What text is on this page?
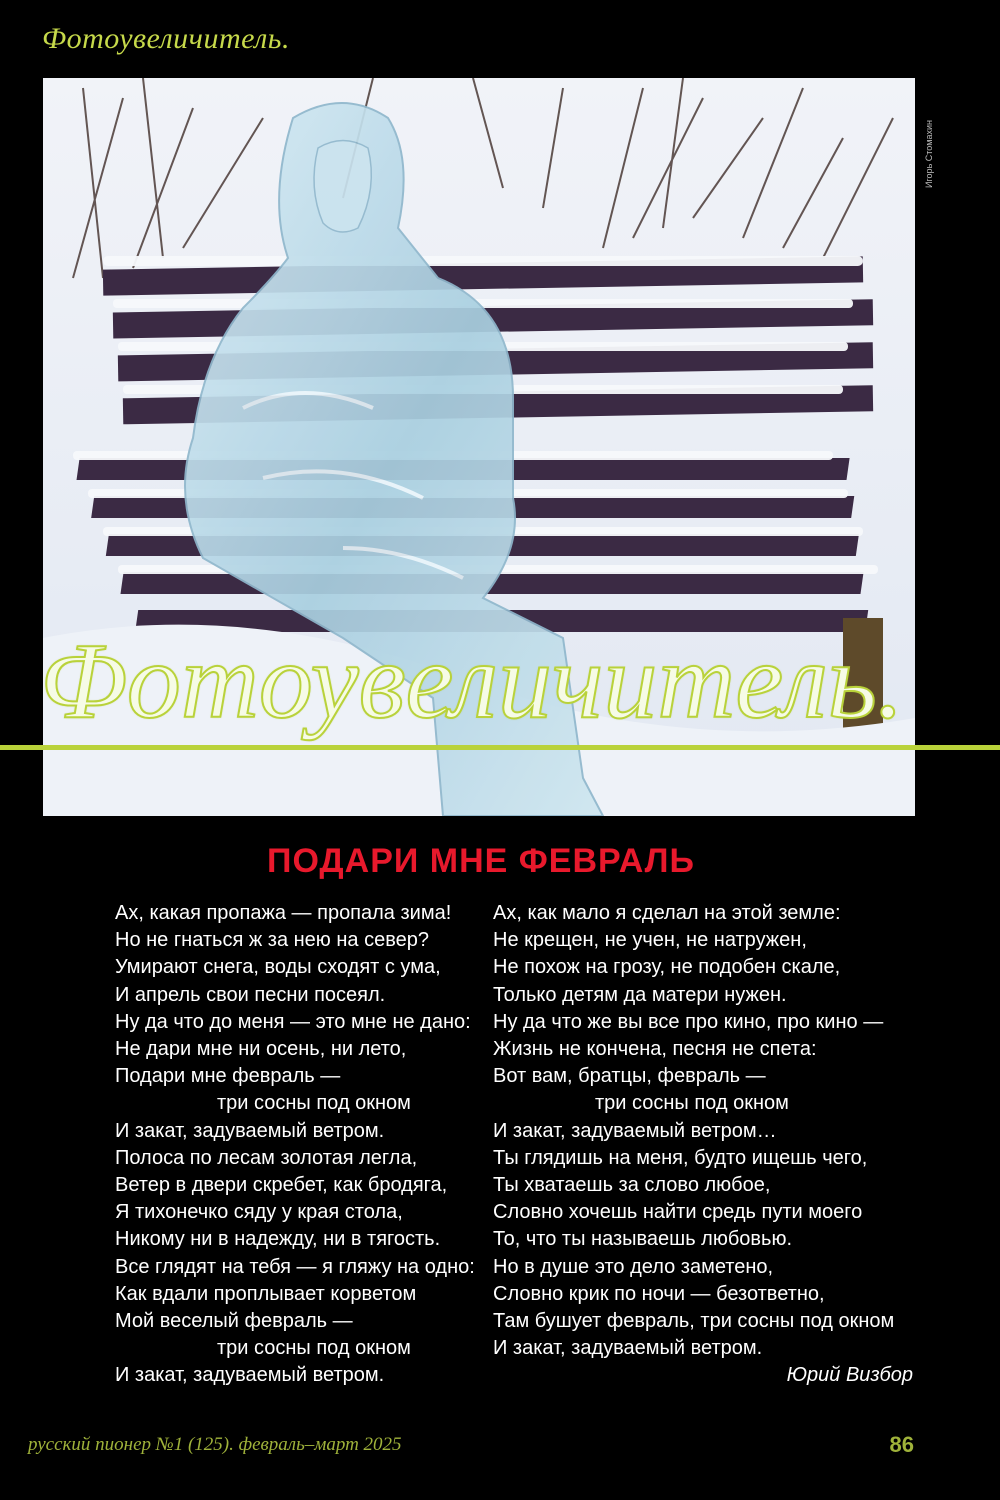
Фотоувеличитель.
Игорь Стомахин
Фотоувеличитель.
ПОДАРИ МНЕ ФЕВРАЛЬ
Ах, какая пропажа — пропала зима!
Но не гнаться ж за нею на север?
Умирают снега, воды сходят с ума,
И апрель свои песни посеял.
Ну да что до меня — это мне не дано:
Не дари мне ни осень, ни лето,
Подари мне февраль —
три сосны под окном
И закат, задуваемый ветром.
Полоса по лесам золотая легла,
Ветер в двери скребет, как бродяга,
Я тихонечко сяду у края стола,
Никому ни в надежду, ни в тягость.
Все глядят на тебя — я гляжу на одно:
Как вдали проплывает корветом
Мой веселый февраль —
три сосны под окном
И закат, задуваемый ветром.
Ах, как мало я сделал на этой земле:
Не крещен, не учен, не натружен,
Не похож на грозу, не подобен скале,
Только детям да матери нужен.
Ну да что же вы все про кино, про кино —
Жизнь не кончена, песня не спета:
Вот вам, братцы, февраль —
три сосны под окном
И закат, задуваемый ветром…
Ты глядишь на меня, будто ищешь чего,
Ты хватаешь за слово любое,
Словно хочешь найти средь пути моего
То, что ты называешь любовью.
Но в душе это дело заметено,
Словно крик по ночи — безответно,
Там бушует февраль, три сосны под окном
И закат, задуваемый ветром.
Юрий Визбор
русский пионер №1 (125). февраль–март 2025	86
